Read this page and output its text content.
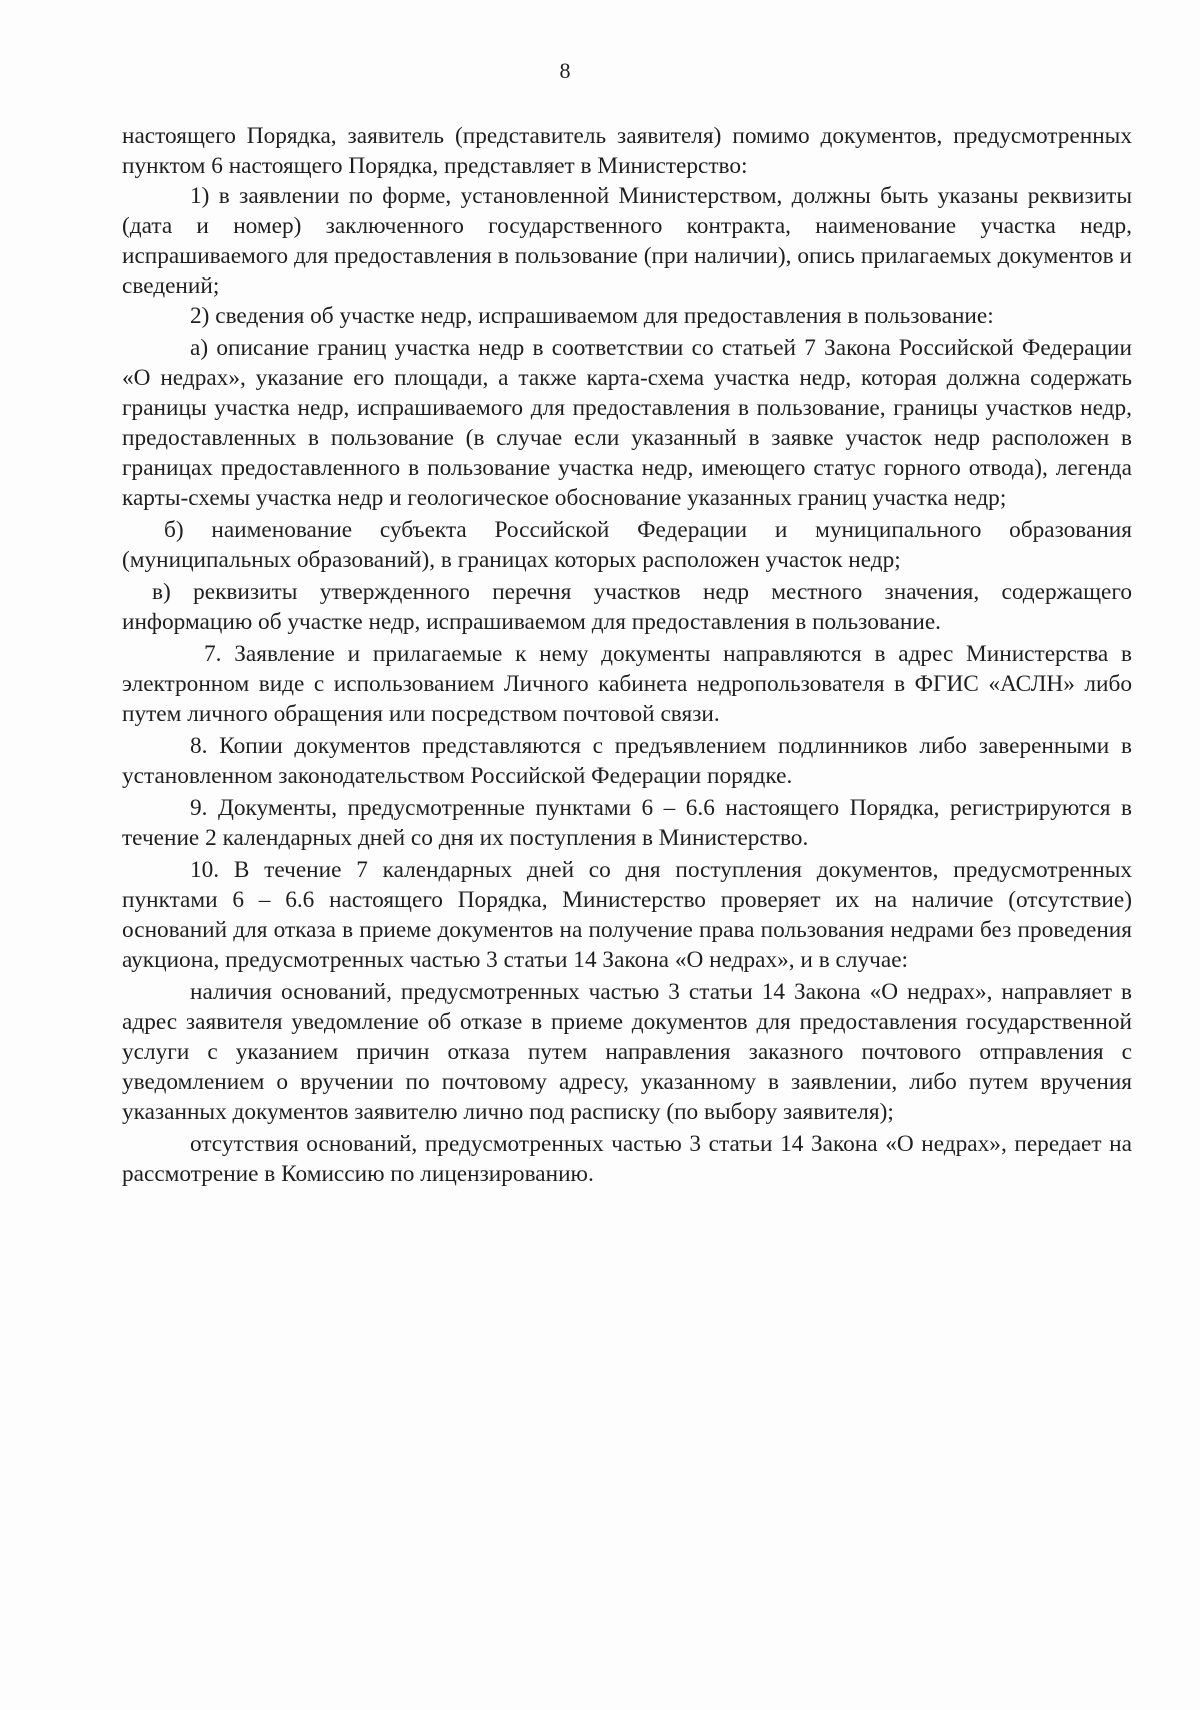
8

настоящего Порядка, заявитель (представитель заявителя) помимо документов, предусмотренных пунктом 6 настоящего Порядка, представляет в Министерство:

1) в заявлении по форме, установленной Министерством, должны быть указаны реквизиты (дата и номер) заключенного государственного контракта, наименование участка недр, испрашиваемого для предоставления в пользование (при наличии), опись прилагаемых документов и сведений;

2) сведения об участке недр, испрашиваемом для предоставления в пользование:

а) описание границ участка недр в соответствии со статьей 7 Закона Российской Федерации «О недрах», указание его площади, а также карта-схема участка недр, которая должна содержать границы участка недр, испрашиваемого для предоставления в пользование, границы участков недр, предоставленных в пользование (в случае если указанный в заявке участок недр расположен в границах предоставленного в пользование участка недр, имеющего статус горного отвода), легенда карты-схемы участка недр и геологическое обоснование указанных границ участка недр;

б) наименование субъекта Российской Федерации и муниципального образования (муниципальных образований), в границах которых расположен участок недр;

в) реквизиты утвержденного перечня участков недр местного значения, содержащего информацию об участке недр, испрашиваемом для предоставления в пользование.

7. Заявление и прилагаемые к нему документы направляются в адрес Министерства в электронном виде с использованием Личного кабинета недропользователя в ФГИС «АСЛН» либо путем личного обращения или посредством почтовой связи.

8. Копии документов представляются с предъявлением подлинников либо заверенными в установленном законодательством Российской Федерации порядке.

9. Документы, предусмотренные пунктами 6 – 6.6 настоящего Порядка, регистрируются в течение 2 календарных дней со дня их поступления в Министерство.

10. В течение 7 календарных дней со дня поступления документов, предусмотренных пунктами 6 – 6.6 настоящего Порядка, Министерство проверяет их на наличие (отсутствие) оснований для отказа в приеме документов на получение права пользования недрами без проведения аукциона, предусмотренных частью 3 статьи 14 Закона «О недрах», и в случае:

наличия оснований, предусмотренных частью 3 статьи 14 Закона «О недрах», направляет в адрес заявителя уведомление об отказе в приеме документов для предоставления государственной услуги с указанием причин отказа путем направления заказного почтового отправления с уведомлением о вручении по почтовому адресу, указанному в заявлении, либо путем вручения указанных документов заявителю лично под расписку (по выбору заявителя);

отсутствия оснований, предусмотренных частью 3 статьи 14 Закона «О недрах», передает на рассмотрение в Комиссию по лицензированию.
